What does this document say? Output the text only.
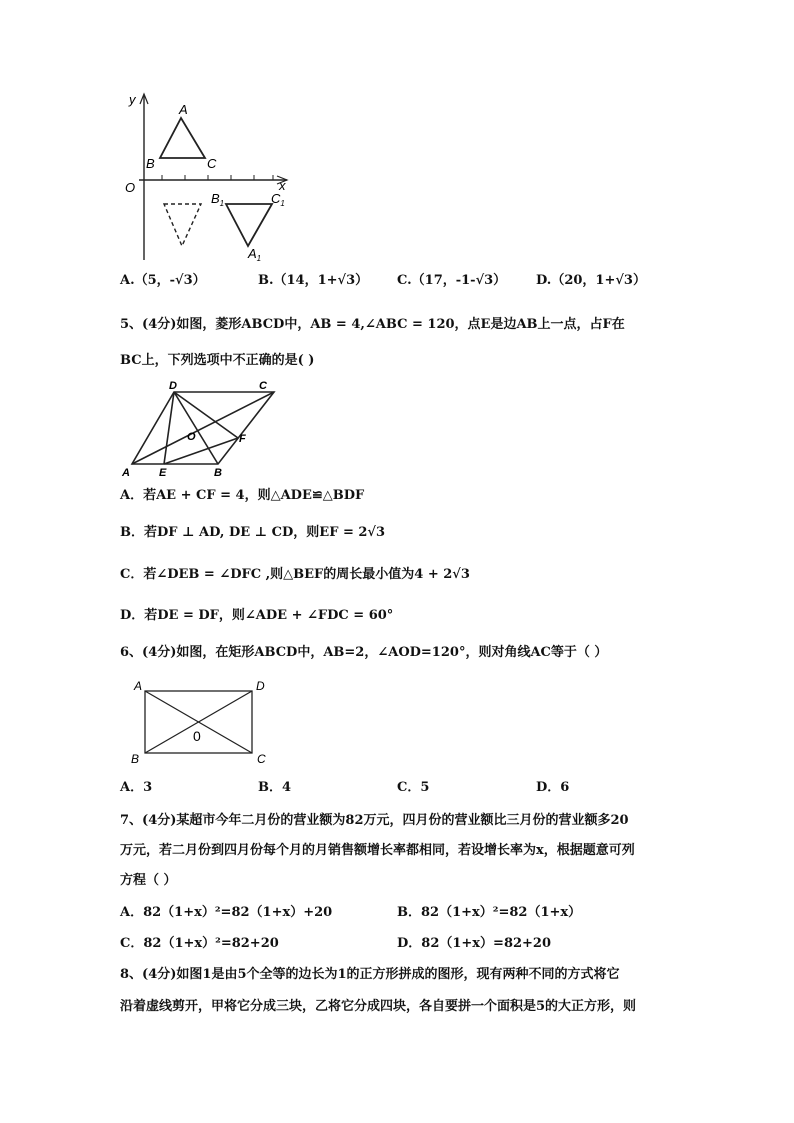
y
x
O
A
B	C
$B_1$	$C_1$
$A_1$
A.（5，-√3）	B.（14，1+√3） C.（17，-1-√3） D.（20，1+√3）
5、(4分)如图，菱形ABCD中，AB = 4,∠ABC = 120，点E是边AB上一点，占F在
BC上，下列选项中不正确的是( )
D	C
O	F
A	E	B
A．若AE + CF = 4，则△ADE≌△BDF
B．若DF ⊥ AD, DE ⊥ CD，则EF = 2√3
C．若∠DEB = ∠DFC ,则△BEF的周长最小值为4 + 2√3
D．若DE = DF，则∠ADE + ∠FDC = 60°
6、(4分)如图，在矩形ABCD中，AB=2，∠AOD=120°，则对角线AC等于（ ）
A	D
B	C
0
A．3	B．4	C．5	D．6
7、(4分)某超市今年二月份的营业额为82万元，四月份的营业额比三月份的营业额多20
万元，若二月份到四月份每个月的月销售额增长率都相同，若设增长率为x，根据题意可列
方程（ ）
A．82（1+x）²=82（1+x）+20	B．82（1+x）²=82（1+x）
C．82（1+x）²=82+20	D．82（1+x）=82+20
8、(4分)如图1是由5个全等的边长为1的正方形拼成的图形，现有两种不同的方式将它
沿着虚线剪开，甲将它分成三块，乙将它分成四块，各自要拼一个面积是5的大正方形，则
